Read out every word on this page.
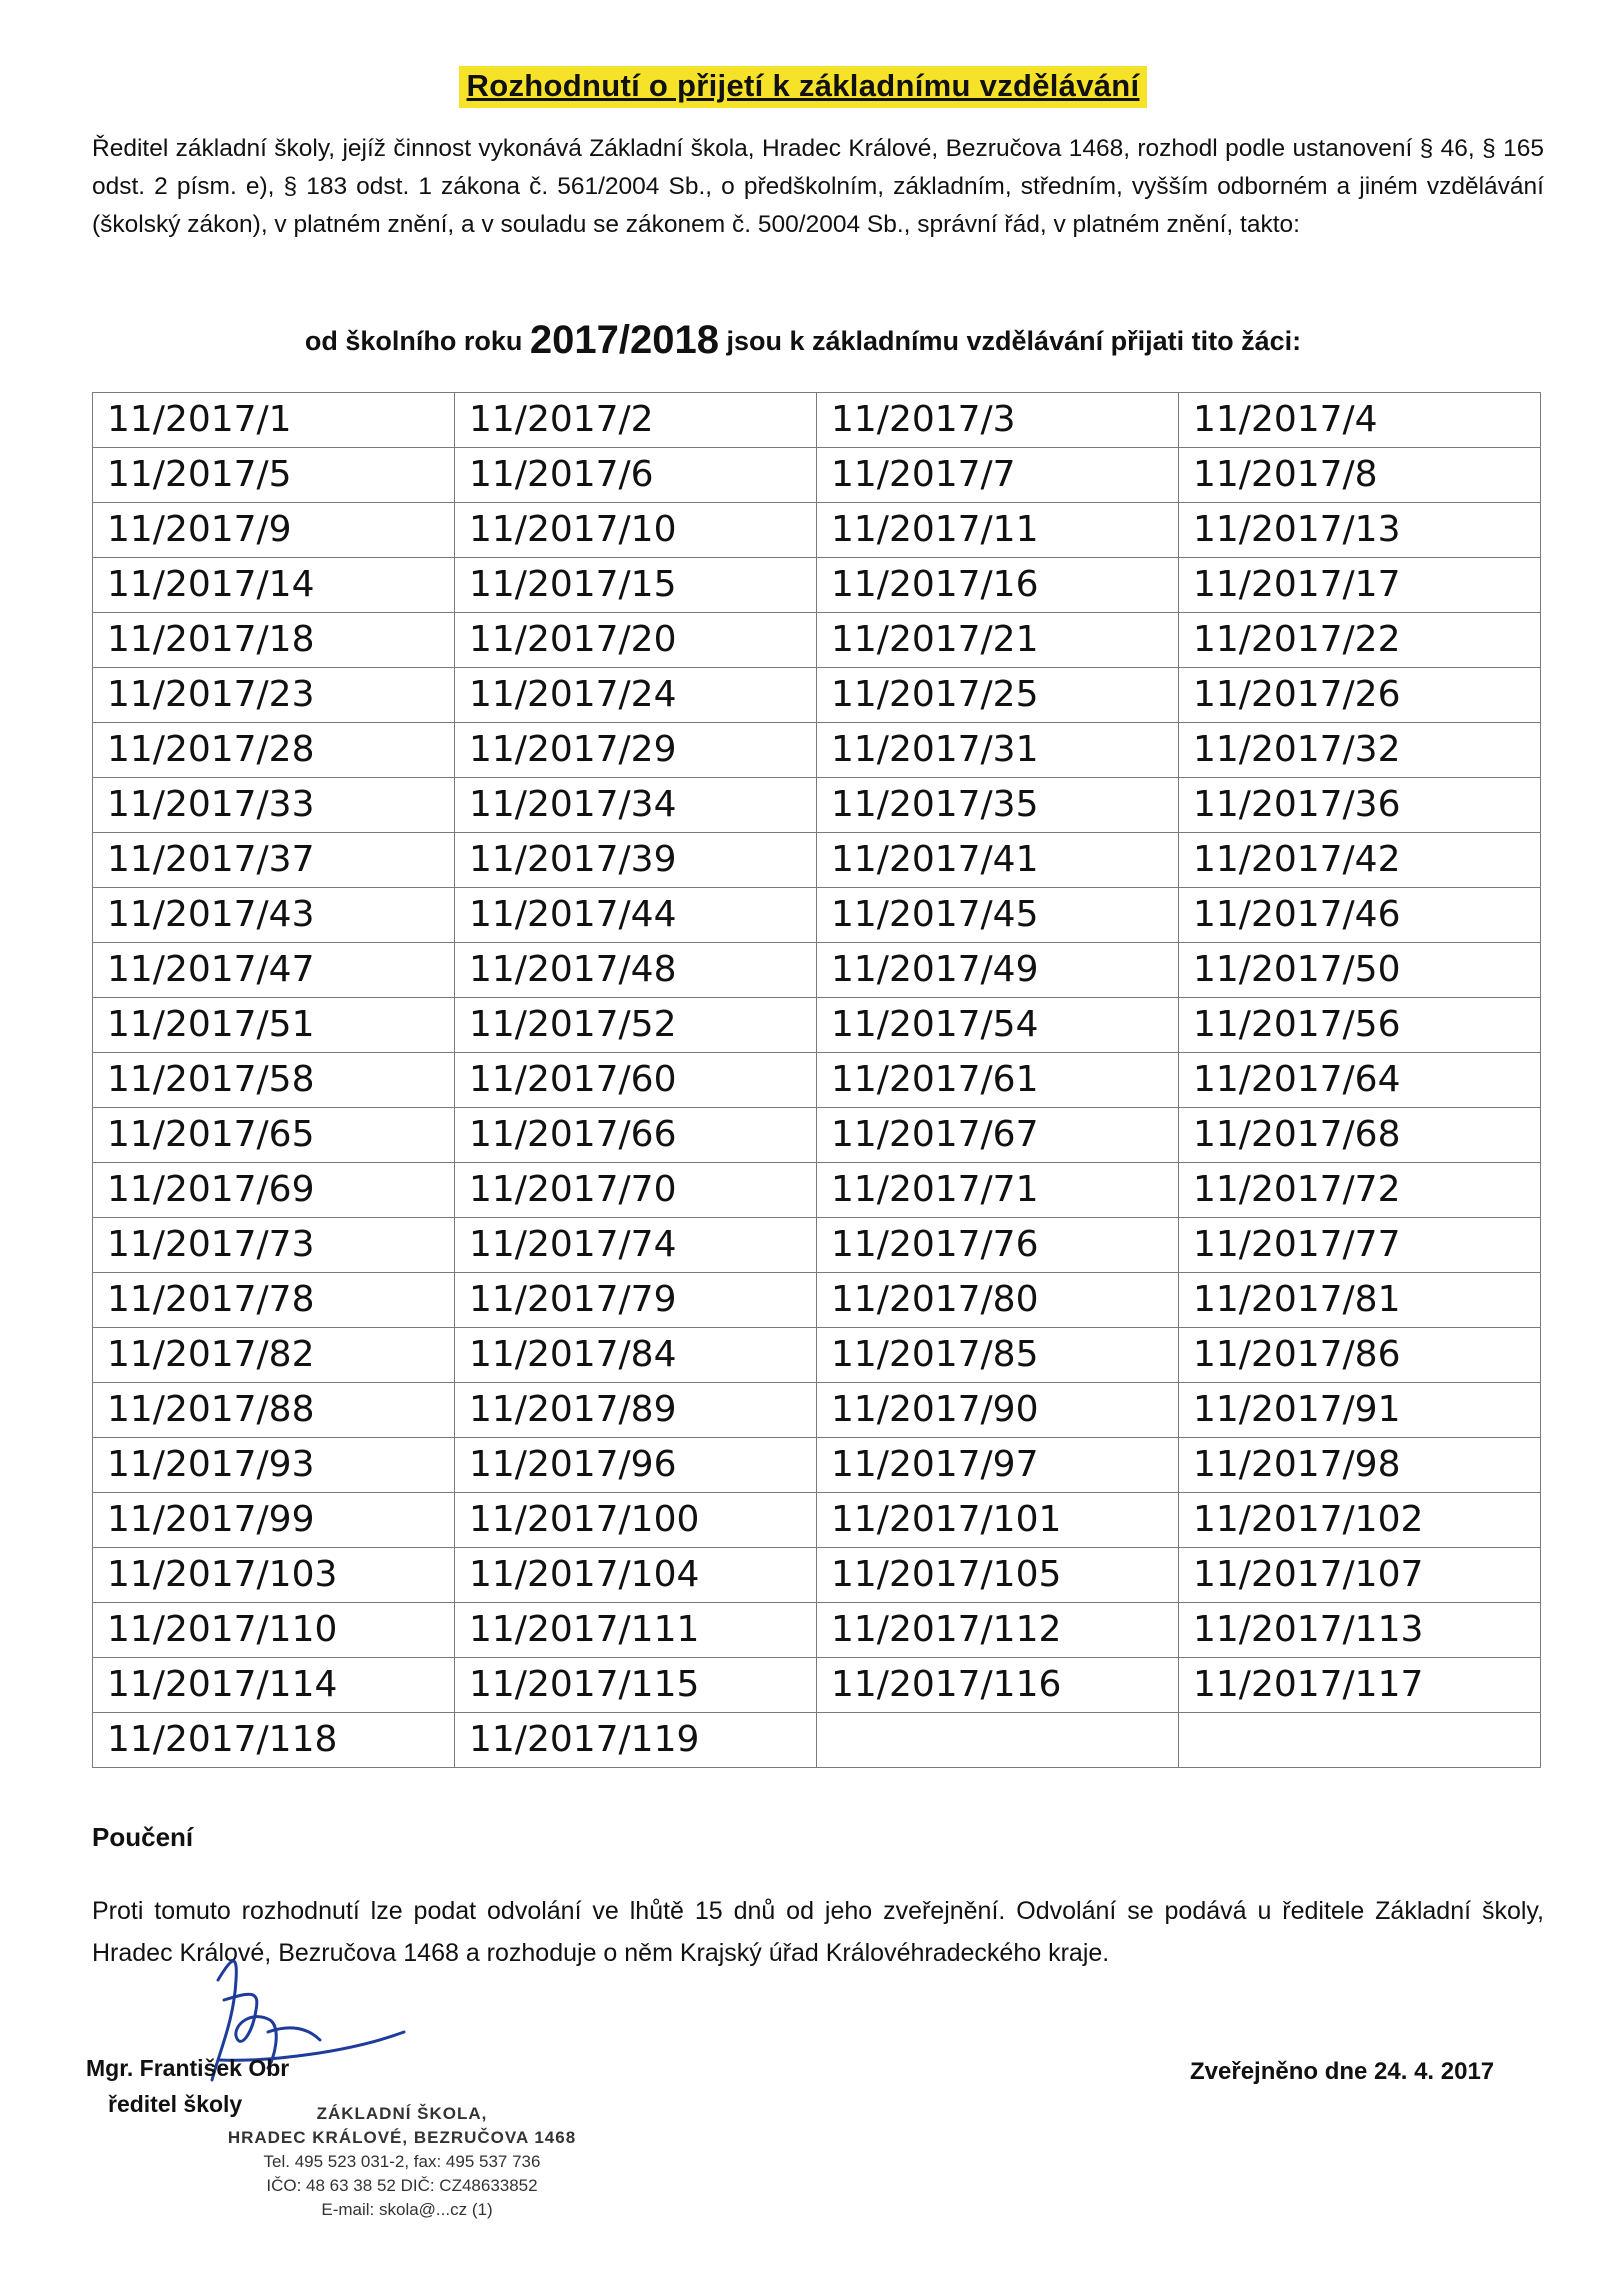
Rozhodnutí o přijetí k základnímu vzdělávání
Ředitel základní školy, jejíž činnost vykonává Základní škola, Hradec Králové, Bezručova 1468, rozhodl podle ustanovení § 46, § 165 odst. 2 písm. e), § 183 odst. 1 zákona č. 561/2004 Sb., o předškolním, základním, středním, vyšším odborném a jiném vzdělávání (školský zákon), v platném znění, a v souladu se zákonem č. 500/2004 Sb., správní řád, v platném znění, takto:
od školního roku 2017/2018 jsou k základnímu vzdělávání přijati tito žáci:
11/2017/1	11/2017/2	11/2017/3	11/2017/4
11/2017/5	11/2017/6	11/2017/7	11/2017/8
11/2017/9	11/2017/10	11/2017/11	11/2017/13
11/2017/14	11/2017/15	11/2017/16	11/2017/17
11/2017/18	11/2017/20	11/2017/21	11/2017/22
11/2017/23	11/2017/24	11/2017/25	11/2017/26
11/2017/28	11/2017/29	11/2017/31	11/2017/32
11/2017/33	11/2017/34	11/2017/35	11/2017/36
11/2017/37	11/2017/39	11/2017/41	11/2017/42
11/2017/43	11/2017/44	11/2017/45	11/2017/46
11/2017/47	11/2017/48	11/2017/49	11/2017/50
11/2017/51	11/2017/52	11/2017/54	11/2017/56
11/2017/58	11/2017/60	11/2017/61	11/2017/64
11/2017/65	11/2017/66	11/2017/67	11/2017/68
11/2017/69	11/2017/70	11/2017/71	11/2017/72
11/2017/73	11/2017/74	11/2017/76	11/2017/77
11/2017/78	11/2017/79	11/2017/80	11/2017/81
11/2017/82	11/2017/84	11/2017/85	11/2017/86
11/2017/88	11/2017/89	11/2017/90	11/2017/91
11/2017/93	11/2017/96	11/2017/97	11/2017/98
11/2017/99	11/2017/100	11/2017/101	11/2017/102
11/2017/103	11/2017/104	11/2017/105	11/2017/107
11/2017/110	11/2017/111	11/2017/112	11/2017/113
11/2017/114	11/2017/115	11/2017/116	11/2017/117
11/2017/118	11/2017/119		
Poučení
Proti tomuto rozhodnutí lze podat odvolání ve lhůtě 15 dnů od jeho zveřejnění. Odvolání se podává u ředitele Základní školy, Hradec Králové, Bezručova 1468 a rozhoduje o něm Krajský úřad Královéhradeckého kraje.
Mgr. František Obr
ředitel školy
Zveřejněno dne 24. 4. 2017
ZÁKLADNÍ ŠKOLA,
HRADEC KRÁLOVÉ, BEZRUČOVA 1468
Tel. 495 523 031-2, fax: 495 537 736
IČO: 48 63 38 52 DIČ: CZ48633852
E-mail: skola@...cz (1)
